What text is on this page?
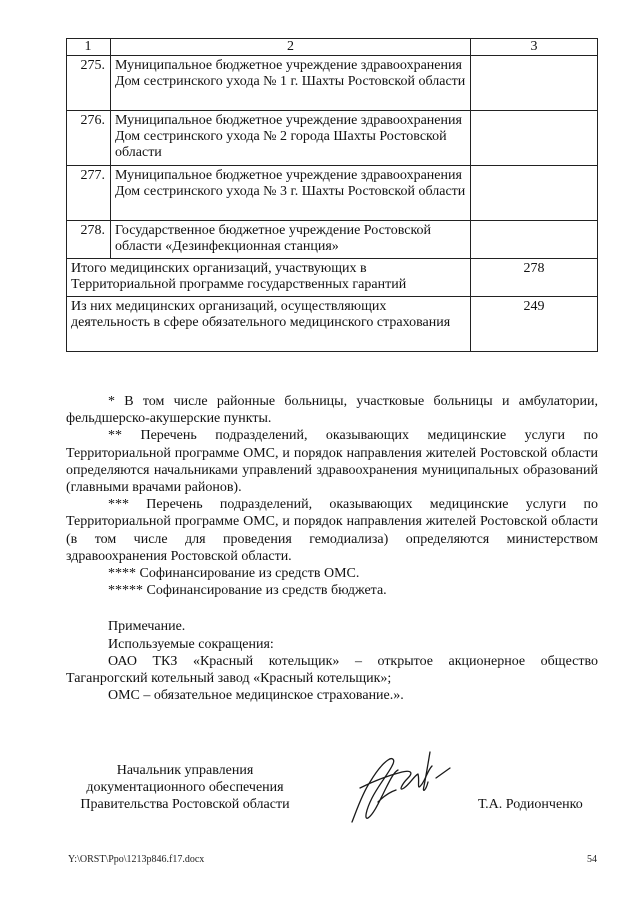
1	2	3
275.	Муниципальное бюджетное учреждение здравоохранения Дом сестринского ухода № 1 г. Шахты Ростовской области	
276.	Муниципальное бюджетное учреждение здравоохранения Дом сестринского ухода № 2 города Шахты Ростовской области	
277.	Муниципальное бюджетное учреждение здравоохранения Дом сестринского ухода № 3 г. Шахты Ростовской области	
278.	Государственное бюджетное учреждение Ростовской области «Дезинфекционная станция»	
Итого медицинских организаций, участвующих в Территориальной программе государственных гарантий		278
Из них медицинских организаций, осуществляющих деятельность в сфере обязательного медицинского страхования		249

* В том числе районные больницы, участковые больницы и амбулатории, фельдшерско-акушерские пункты.

** Перечень подразделений, оказывающих медицинские услуги по Территориальной программе ОМС, и порядок направления жителей Ростовской области определяются начальниками управлений здравоохранения муниципальных образований (главными врачами районов).

*** Перечень подразделений, оказывающих медицинские услуги по Территориальной программе ОМС, и порядок направления жителей Ростовской области (в том числе для проведения гемодиализа) определяются министерством здравоохранения Ростовской области.

**** Софинансирование из средств ОМС.

***** Софинансирование из средств бюджета.

Примечание.

Используемые сокращения:

ОАО ТКЗ «Красный котельщик» – открытое акционерное общество Таганрогский котельный завод «Красный котельщик»;

ОМС – обязательное медицинское страхование.».

Начальник управления
документационного обеспечения
Правительства Ростовской области	Т.А. Родионченко
Y:\ORST\Ppo\1213p846.f17.docx	54
